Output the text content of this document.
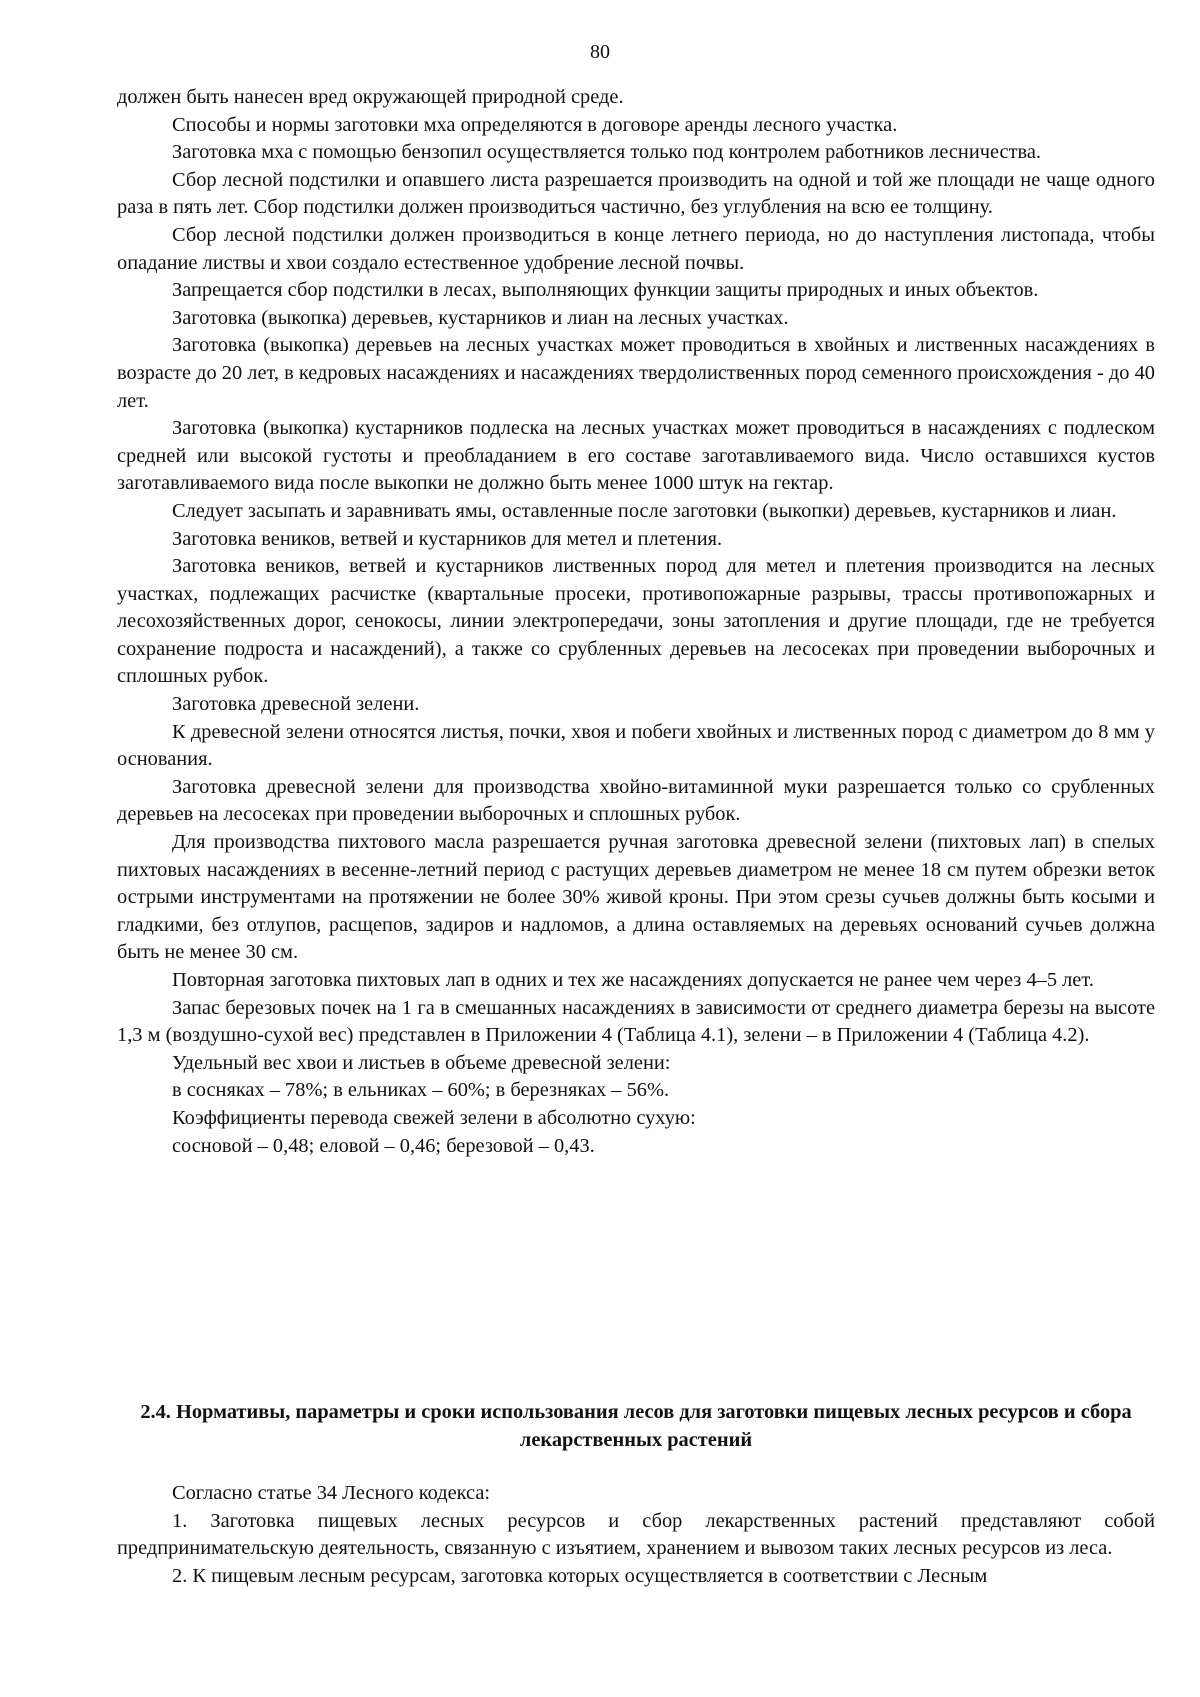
80

должен быть нанесен вред окружающей природной среде.

Способы и нормы заготовки мха определяются в договоре аренды лесного участка.

Заготовка мха с помощью бензопил осуществляется только под контролем работников лесничества.

Сбор лесной подстилки и опавшего листа разрешается производить на одной и той же площади не чаще одного раза в пять лет. Сбор подстилки должен производиться частично, без углубления на всю ее толщину.

Сбор лесной подстилки должен производиться в конце летнего периода, но до наступления листопада, чтобы опадание листвы и хвои создало естественное удобрение лесной почвы.

Запрещается сбор подстилки в лесах, выполняющих функции защиты природных и иных объектов.

Заготовка (выкопка) деревьев, кустарников и лиан на лесных участках.

Заготовка (выкопка) деревьев на лесных участках может проводиться в хвойных и лиственных насаждениях в возрасте до 20 лет, в кедровых насаждениях и насаждениях твердолиственных пород семенного происхождения - до 40 лет.

Заготовка (выкопка) кустарников подлеска на лесных участках может проводиться в насаждениях с подлеском средней или высокой густоты и преобладанием в его составе заготавливаемого вида. Число оставшихся кустов заготавливаемого вида после выкопки не должно быть менее 1000 штук на гектар.

Следует засыпать и заравнивать ямы, оставленные после заготовки (выкопки) деревьев, кустарников и лиан.

Заготовка веников, ветвей и кустарников для метел и плетения.

Заготовка веников, ветвей и кустарников лиственных пород для метел и плетения производится на лесных участках, подлежащих расчистке (квартальные просеки, противопожарные разрывы, трассы противопожарных и лесохозяйственных дорог, сенокосы, линии электропередачи, зоны затопления и другие площади, где не требуется сохранение подроста и насаждений), а также со срубленных деревьев на лесосеках при проведении выборочных и сплошных рубок.

Заготовка древесной зелени.

К древесной зелени относятся листья, почки, хвоя и побеги хвойных и лиственных пород с диаметром до 8 мм у основания.

Заготовка древесной зелени для производства хвойно-витаминной муки разрешается только со срубленных деревьев на лесосеках при проведении выборочных и сплошных рубок.

Для производства пихтового масла разрешается ручная заготовка древесной зелени (пихтовых лап) в спелых пихтовых насаждениях в весенне-летний период с растущих деревьев диаметром не менее 18 см путем обрезки веток острыми инструментами на протяжении не более 30% живой кроны. При этом срезы сучьев должны быть косыми и гладкими, без отлупов, расщепов, задиров и надломов, а длина оставляемых на деревьях оснований сучьев должна быть не менее 30 см.

Повторная заготовка пихтовых лап в одних и тех же насаждениях допускается не ранее чем через 4–5 лет.

Запас березовых почек на 1 га в смешанных насаждениях в зависимости от среднего диаметра березы на высоте 1,3 м (воздушно-сухой вес) представлен в Приложении 4 (Таблица 4.1), зелени – в Приложении 4 (Таблица 4.2).

Удельный вес хвои и листьев в объеме древесной зелени:

в сосняках – 78%; в ельниках – 60%; в березняках – 56%.

Коэффициенты перевода свежей зелени в абсолютно сухую:

сосновой – 0,48; еловой – 0,46; березовой – 0,43.

2.4. Нормативы, параметры и сроки использования лесов для заготовки пищевых лесных ресурсов и сбора лекарственных растений

Согласно статье 34 Лесного кодекса:

1. Заготовка пищевых лесных ресурсов и сбор лекарственных растений представляют собой предпринимательскую деятельность, связанную с изъятием, хранением и вывозом таких лесных ресурсов из леса.

2. К пищевым лесным ресурсам, заготовка которых осуществляется в соответствии с Лесным
